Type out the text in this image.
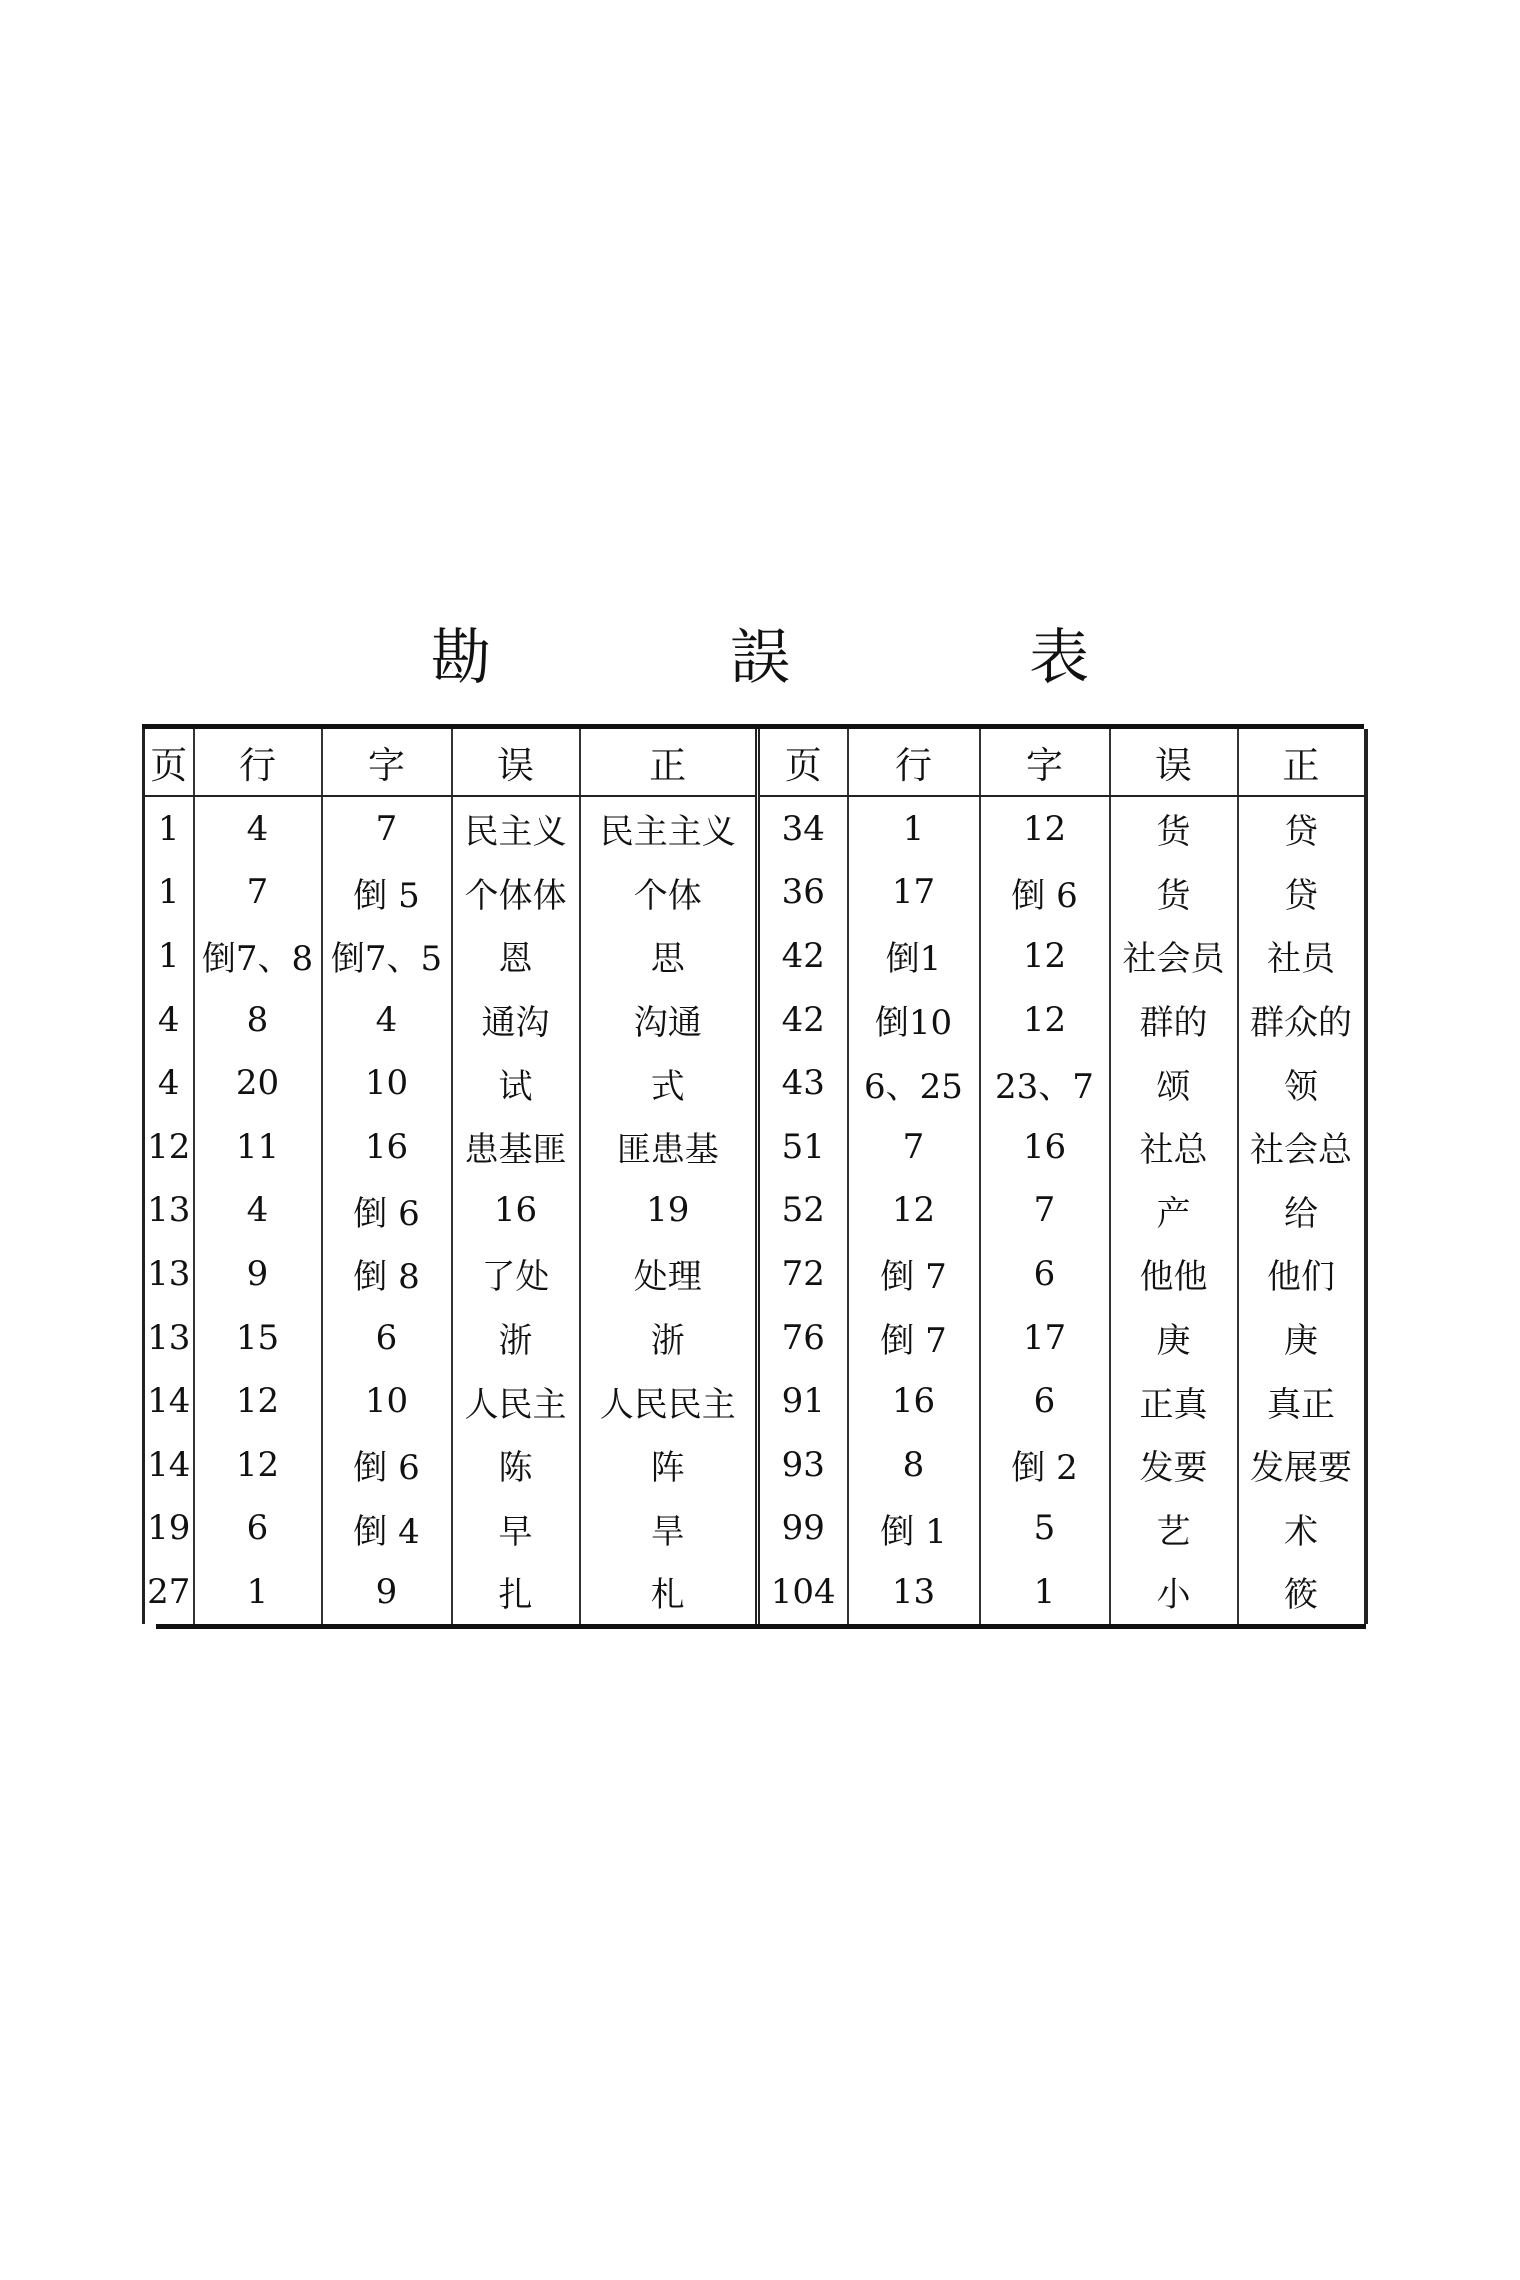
勘 誤 表
页	行	字	误	正	页	行	字	误	正
1	4	7	民主义	民主主义	34	1	12	货	贷
1	7	倒 5	个体体	个体	36	17	倒 6	货	贷
1	倒7、8	倒7、5	恩	思	42	倒1	12	社会员	社员
4	8	4	通沟	沟通	42	倒10	12	群的	群众的
4	20	10	试	式	43	6、25	23、7	颂	领
12	11	16	患基匪	匪患基	51	7	16	社总	社会总
13	4	倒 6	16	19	52	12	7	产	给
13	9	倒 8	了处	处理	72	倒 7	6	他他	他们
13	15	6	浙	浙	76	倒 7	17	庚	庚
14	12	10	人民主	人民民主	91	16	6	正真	真正
14	12	倒 6	陈	阵	93	8	倒 2	发要	发展要
19	6	倒 4	早	旱	99	倒 1	5	艺	术
27	1	9	扎	札	104	13	1	小	筱
